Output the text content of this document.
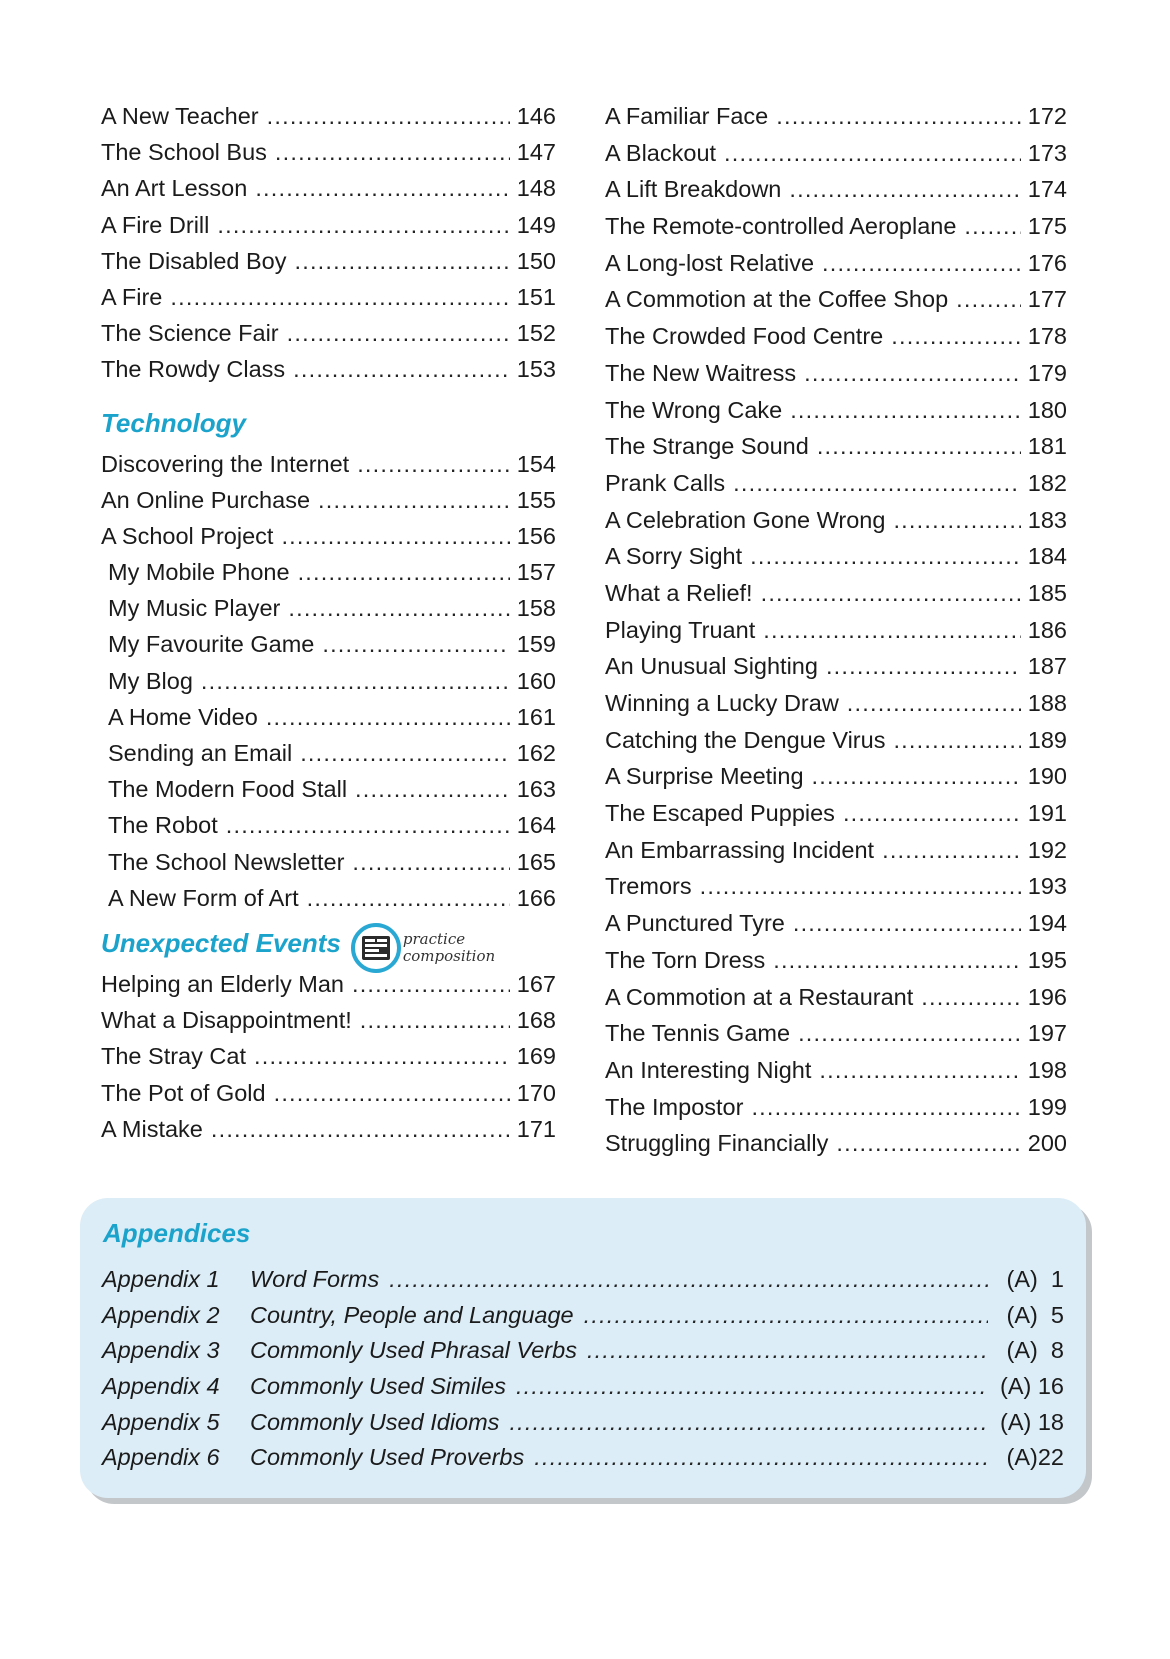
A New Teacher .....	146
The School Bus .....	147
An Art Lesson .....	148
A Fire Drill .....	149
The Disabled Boy .....	150
A Fire .....	151
The Science Fair .....	152
The Rowdy Class .....	153
Technology
Discovering the Internet .....	154
An Online Purchase .....	155
A School Project .....	156
My Mobile Phone .....	157
My Music Player .....	158
My Favourite Game .....	159
My Blog .....	160
A Home Video .....	161
Sending an Email .....	162
The Modern Food Stall .....	163
The Robot .....	164
The School Newsletter .....	165
A New Form of Art .....	166
Unexpected Events	practice
composition
Helping an Elderly Man .....	167
What a Disappointment! .....	168
The Stray Cat .....	169
The Pot of Gold .....	170
A Mistake .....	171
A Familiar Face .....	172
A Blackout .....	173
A Lift Breakdown .....	174
The Remote-controlled Aeroplane .....	175
A Long-lost Relative .....	176
A Commotion at the Coffee Shop .....	177
The Crowded Food Centre .....	178
The New Waitress .....	179
The Wrong Cake .....	180
The Strange Sound .....	181
Prank Calls .....	182
A Celebration Gone Wrong .....	183
A Sorry Sight .....	184
What a Relief! .....	185
Playing Truant .....	186
An Unusual Sighting .....	187
Winning a Lucky Draw .....	188
Catching the Dengue Virus .....	189
A Surprise Meeting .....	190
The Escaped Puppies .....	191
An Embarrassing Incident .....	192
Tremors .....	193
A Punctured Tyre .....	194
The Torn Dress .....	195
A Commotion at a Restaurant .....	196
The Tennis Game .....	197
An Interesting Night .....	198
The Impostor .....	199
Struggling Financially .....	200
Appendices
Appendix 1	Word Forms .....	(A)  1
Appendix 2	Country, People and Language .....	(A)  5
Appendix 3	Commonly Used Phrasal Verbs .....	(A)  8
Appendix 4	Commonly Used Similes .....	(A) 16
Appendix 5	Commonly Used Idioms .....	(A) 18
Appendix 6	Commonly Used Proverbs .....	(A)22
